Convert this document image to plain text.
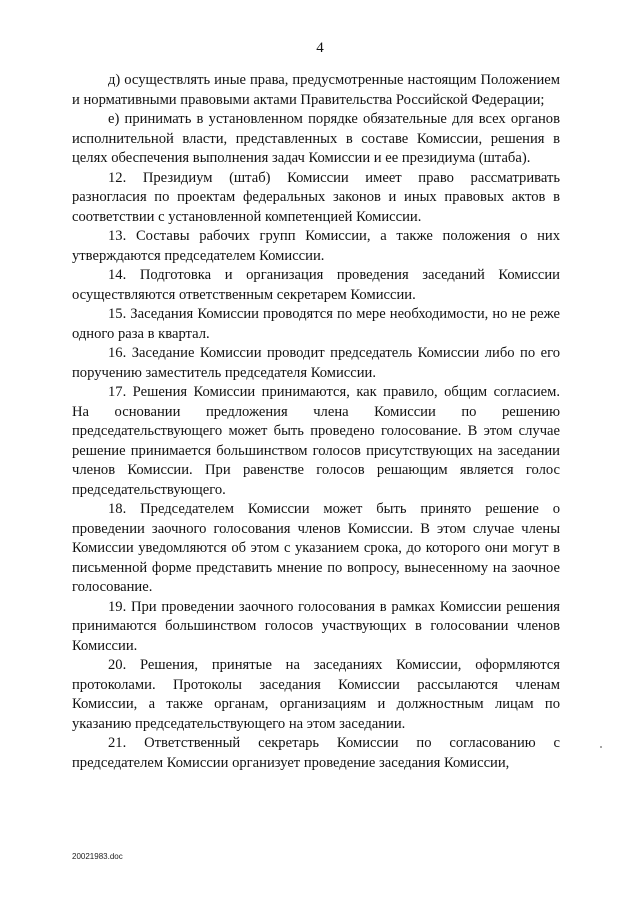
4

д) осуществлять иные права, предусмотренные настоящим Положением и нормативными правовыми актами Правительства Российской Федерации;

е) принимать в установленном порядке обязательные для всех органов исполнительной власти, представленных в составе Комиссии, решения в целях обеспечения выполнения задач Комиссии и ее президиума (штаба).

12. Президиум (штаб) Комиссии имеет право рассматривать разногласия по проектам федеральных законов и иных правовых актов в соответствии с установленной компетенцией Комиссии.

13. Составы рабочих групп Комиссии, а также положения о них утверждаются председателем Комиссии.

14. Подготовка и организация проведения заседаний Комиссии осуществляются ответственным секретарем Комиссии.

15. Заседания Комиссии проводятся по мере необходимости, но не реже одного раза в квартал.

16. Заседание Комиссии проводит председатель Комиссии либо по его поручению заместитель председателя Комиссии.

17. Решения Комиссии принимаются, как правило, общим согласием. На основании предложения члена Комиссии по решению председательствующего может быть проведено голосование. В этом случае решение принимается большинством голосов присутствующих на заседании членов Комиссии. При равенстве голосов решающим является голос председательствующего.

18. Председателем Комиссии может быть принято решение о проведении заочного голосования членов Комиссии. В этом случае члены Комиссии уведомляются об этом с указанием срока, до которого они могут в письменной форме представить мнение по вопросу, вынесенному на заочное голосование.

19. При проведении заочного голосования в рамках Комиссии решения принимаются большинством голосов участвующих в голосовании членов Комиссии.

20. Решения, принятые на заседаниях Комиссии, оформляются протоколами. Протоколы заседания Комиссии рассылаются членам Комиссии, а также органам, организациям и должностным лицам по указанию председательствующего на этом заседании.

21. Ответственный секретарь Комиссии по согласованию с председателем Комиссии организует проведение заседания Комиссии,

20021983.doc
